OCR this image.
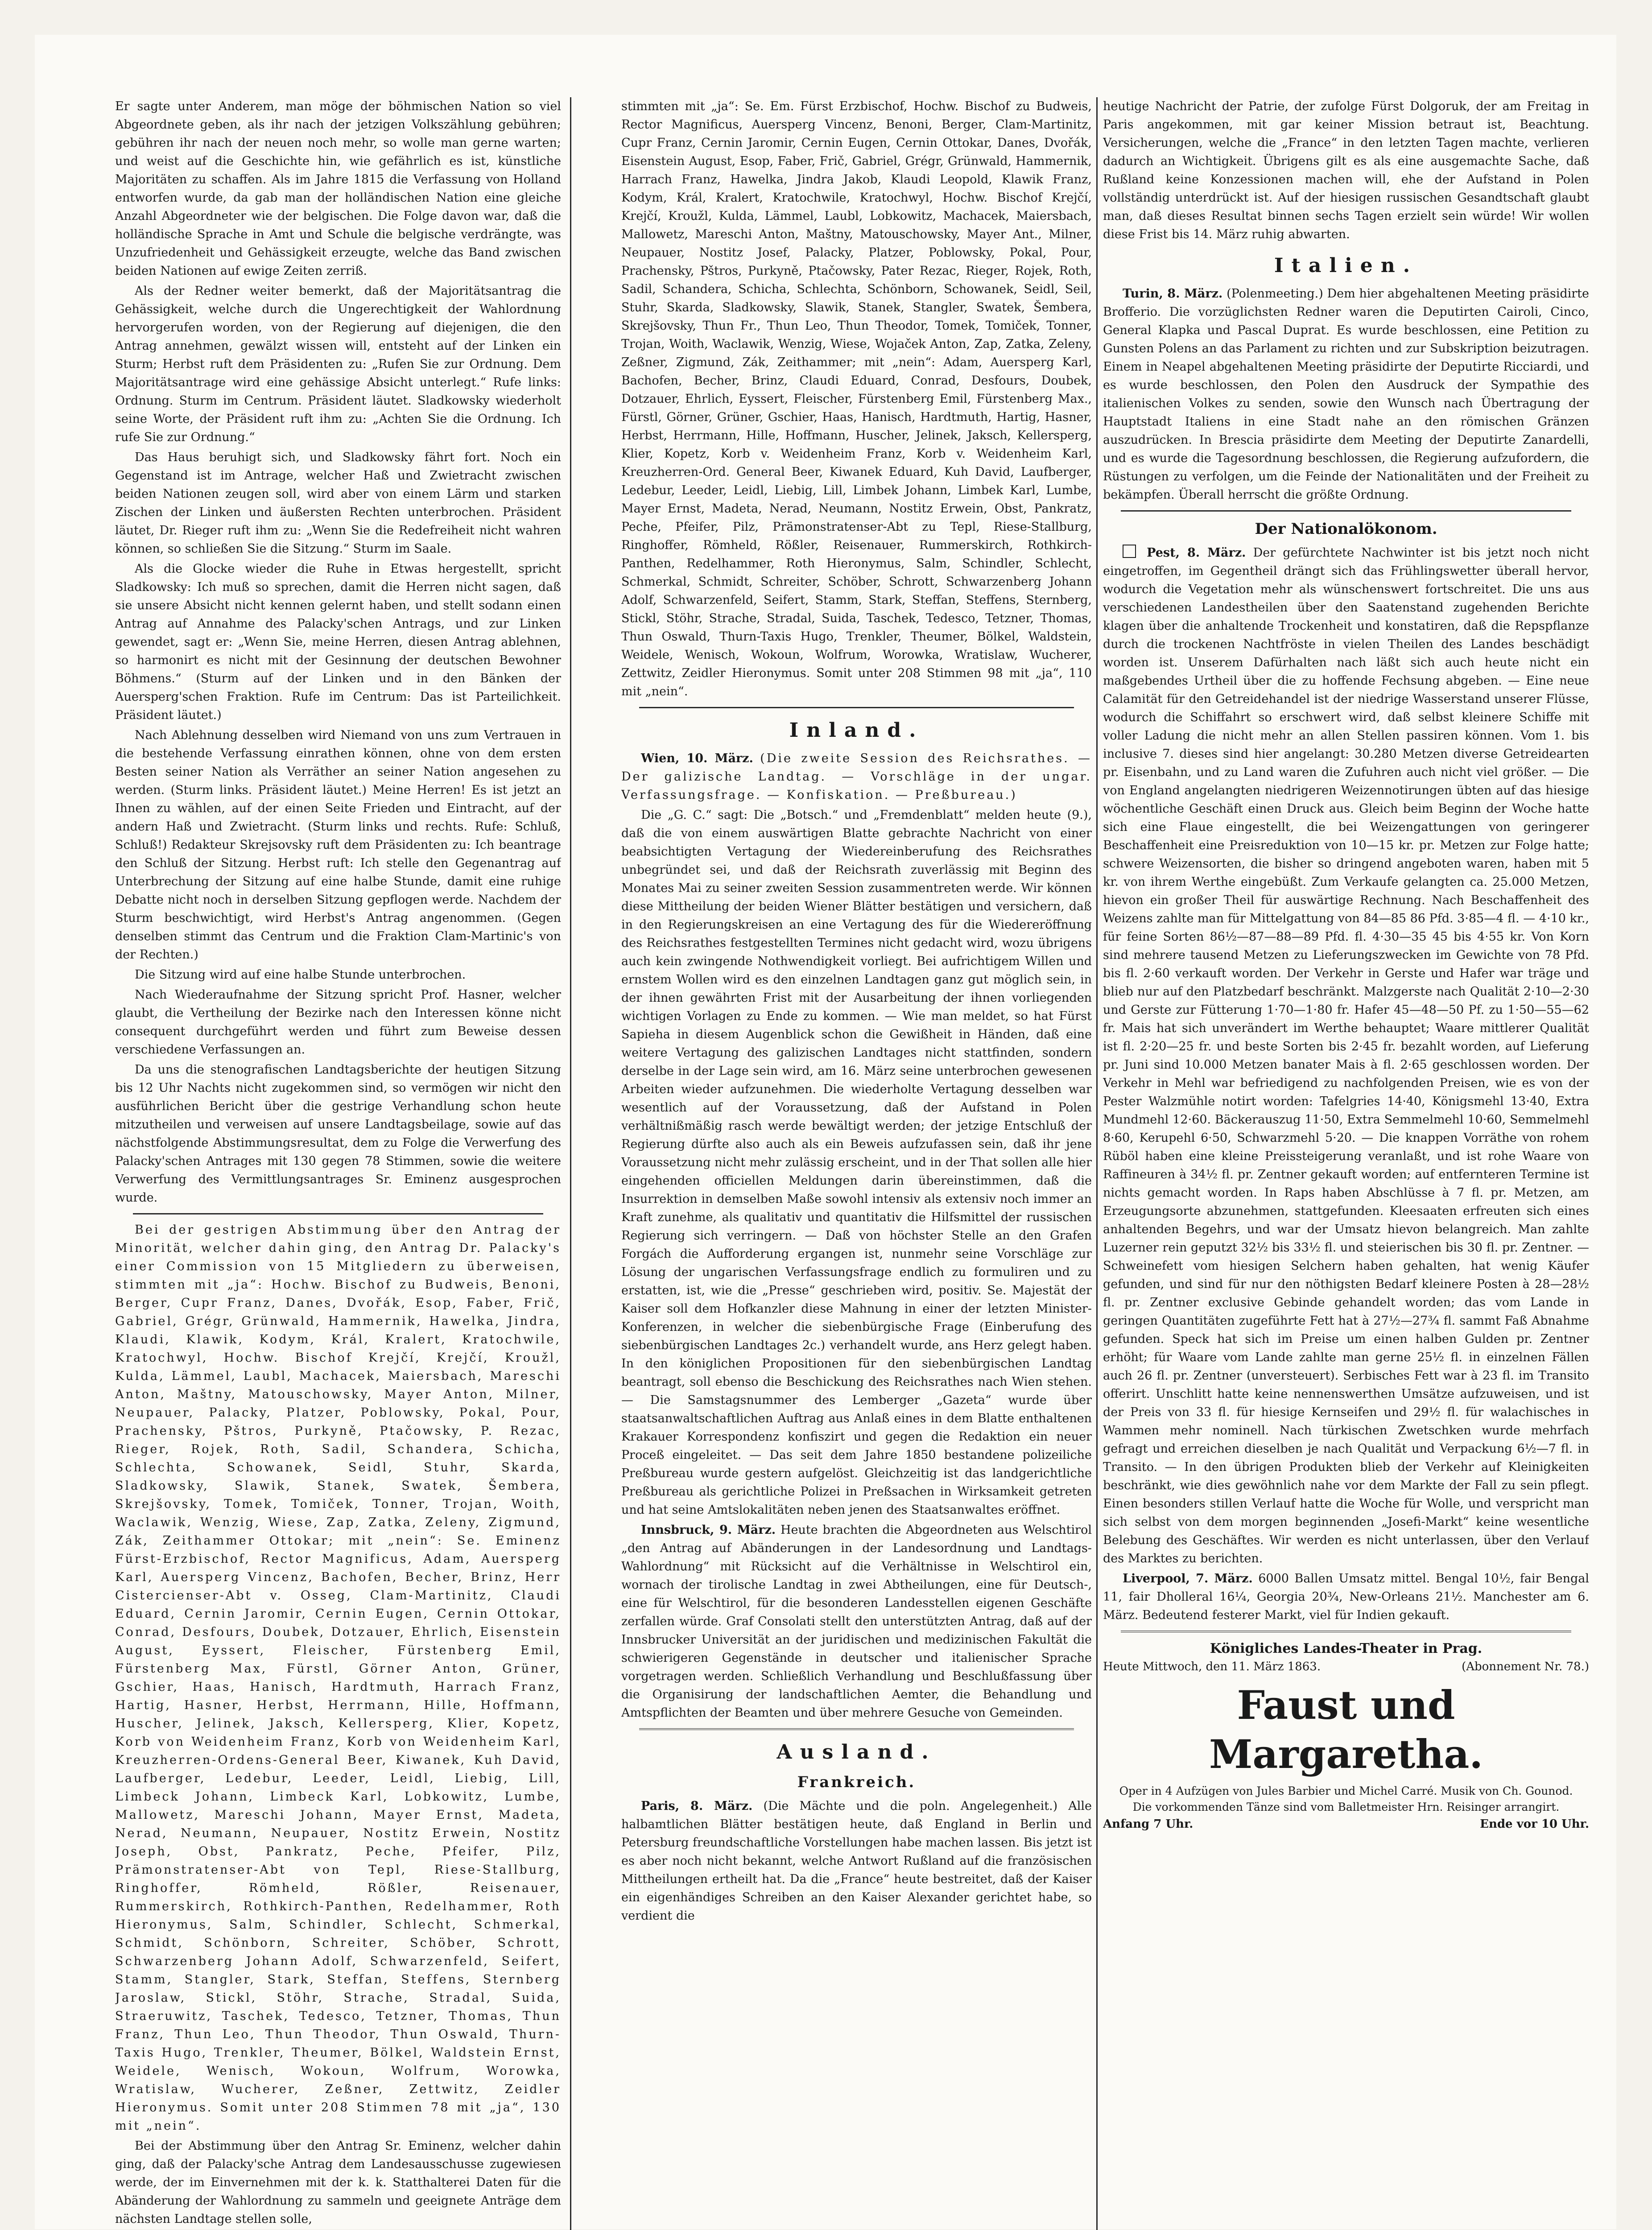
Er sagte unter Anderem, man möge der böhmischen Nation so viel Abgeordnete geben, als ihr nach der jetzigen Volkszählung gebühren; gebühren ihr nach der neuen noch mehr, so wolle man gerne warten; und weist auf die Geschichte hin, wie gefährlich es ist, künstliche Majoritäten zu schaffen. Als im Jahre 1815 die Verfassung von Holland entworfen wurde, da gab man der holländischen Nation eine gleiche Anzahl Abgeordneter wie der belgischen. Die Folge davon war, daß die holländische Sprache in Amt und Schule die belgische verdrängte, was Unzufriedenheit und Gehässigkeit erzeugte, welche das Band zwischen beiden Nationen auf ewige Zeiten zerriß.

Als der Redner weiter bemerkt, daß der Majoritätsantrag die Gehässigkeit, welche durch die Ungerechtigkeit der Wahlordnung hervorgerufen worden, von der Regierung auf diejenigen, die den Antrag annehmen, gewälzt wissen will, entsteht auf der Linken ein Sturm; Herbst ruft dem Präsidenten zu: „Rufen Sie zur Ordnung. Dem Majoritätsantrage wird eine gehässige Absicht unterlegt.“ Rufe links: Ordnung. Sturm im Centrum. Präsident läutet. Sladkowsky wiederholt seine Worte, der Präsident ruft ihm zu: „Achten Sie die Ordnung. Ich rufe Sie zur Ordnung.“

Das Haus beruhigt sich, und Sladkowsky fährt fort. Noch ein Gegenstand ist im Antrage, welcher Haß und Zwietracht zwischen beiden Nationen zeugen soll, wird aber von einem Lärm und starken Zischen der Linken und äußersten Rechten unterbrochen. Präsident läutet, Dr. Rieger ruft ihm zu: „Wenn Sie die Redefreiheit nicht wahren können, so schließen Sie die Sitzung.“ Sturm im Saale.

Als die Glocke wieder die Ruhe in Etwas hergestellt, spricht Sladkowsky: Ich muß so sprechen, damit die Herren nicht sagen, daß sie unsere Absicht nicht kennen gelernt haben, und stellt sodann einen Antrag auf Annahme des Palacky'schen Antrags, und zur Linken gewendet, sagt er: „Wenn Sie, meine Herren, diesen Antrag ablehnen, so harmonirt es nicht mit der Gesinnung der deutschen Bewohner Böhmens.“ (Sturm auf der Linken und in den Bänken der Auersperg'schen Fraktion. Rufe im Centrum: Das ist Parteilichkeit. Präsident läutet.)

Nach Ablehnung desselben wird Niemand von uns zum Vertrauen in die bestehende Verfassung einrathen können, ohne von dem ersten Besten seiner Nation als Verräther an seiner Nation angesehen zu werden. (Sturm links. Präsident läutet.) Meine Herren! Es ist jetzt an Ihnen zu wählen, auf der einen Seite Frieden und Eintracht, auf der andern Haß und Zwietracht. (Sturm links und rechts. Rufe: Schluß, Schluß!) Redakteur Skrejsovsky ruft dem Präsidenten zu: Ich beantrage den Schluß der Sitzung. Herbst ruft: Ich stelle den Gegenantrag auf Unterbrechung der Sitzung auf eine halbe Stunde, damit eine ruhige Debatte nicht noch in derselben Sitzung gepflogen werde. Nachdem der Sturm beschwichtigt, wird Herbst's Antrag angenommen. (Gegen denselben stimmt das Centrum und die Fraktion Clam-Martinic's von der Rechten.)

Die Sitzung wird auf eine halbe Stunde unterbrochen.

Nach Wiederaufnahme der Sitzung spricht Prof. Hasner, welcher glaubt, die Vertheilung der Bezirke nach den Interessen könne nicht consequent durchgeführt werden und führt zum Beweise dessen verschiedene Verfassungen an.

Da uns die stenografischen Landtagsberichte der heutigen Sitzung bis 12 Uhr Nachts nicht zugekommen sind, so vermögen wir nicht den ausführlichen Bericht über die gestrige Verhandlung schon heute mitzutheilen und verweisen auf unsere Landtagsbeilage, sowie auf das nächstfolgende Abstimmungsresultat, dem zu Folge die Verwerfung des Palacky'schen Antrages mit 130 gegen 78 Stimmen, sowie die weitere Verwerfung des Vermittlungsantrages Sr. Eminenz ausgesprochen wurde.

Bei der gestrigen Abstimmung über den Antrag der Minorität, welcher dahin ging, den Antrag Dr. Palacky's einer Commission von 15 Mitgliedern zu überweisen, stimmten mit „ja“: Hochw. Bischof zu Budweis, Benoni, Berger, Cupr Franz, Danes, Dvořák, Esop, Faber, Frič, Gabriel, Grégr, Grünwald, Hammernik, Hawelka, Jindra, Klaudi, Klawik, Kodym, Král, Kralert, Kratochwile, Kratochwyl, Hochw. Bischof Krejčí, Krejčí, Kroužl, Kulda, Lämmel, Laubl, Machacek, Maiersbach, Mareschi Anton, Maštny, Matouschowsky, Mayer Anton, Milner, Neupauer, Palacky, Platzer, Poblowsky, Pokal, Pour, Prachensky, Pštros, Purkyně, Ptačowsky, P. Rezac, Rieger, Rojek, Roth, Sadil, Schandera, Schicha, Schlechta, Schowanek, Seidl, Stuhr, Skarda, Sladkowsky, Slawik, Stanek, Swatek, Šembera, Skrejšovsky, Tomek, Tomiček, Tonner, Trojan, Woith, Waclawik, Wenzig, Wiese, Zap, Zatka, Zeleny, Zigmund, Zák, Zeithammer Ottokar; mit „nein“: Se. Eminenz Fürst-Erzbischof, Rector Magnificus, Adam, Auersperg Karl, Auersperg Vincenz, Bachofen, Becher, Brinz, Herr Cistercienser-Abt v. Osseg, Clam-Martinitz, Claudi Eduard, Cernin Jaromir, Cernin Eugen, Cernin Ottokar, Conrad, Desfours, Doubek, Dotzauer, Ehrlich, Eisenstein August, Eyssert, Fleischer, Fürstenberg Emil, Fürstenberg Max, Fürstl, Görner Anton, Grüner, Gschier, Haas, Hanisch, Hardtmuth, Harrach Franz, Hartig, Hasner, Herbst, Herrmann, Hille, Hoffmann, Huscher, Jelinek, Jaksch, Kellersperg, Klier, Kopetz, Korb von Weidenheim Franz, Korb von Weidenheim Karl, Kreuzherren-Ordens-General Beer, Kiwanek, Kuh David, Laufberger, Ledebur, Leeder, Leidl, Liebig, Lill, Limbeck Johann, Limbeck Karl, Lobkowitz, Lumbe, Mallowetz, Mareschi Johann, Mayer Ernst, Madeta, Nerad, Neumann, Neupauer, Nostitz Erwein, Nostitz Joseph, Obst, Pankratz, Peche, Pfeifer, Pilz, Prämonstratenser-Abt von Tepl, Riese-Stallburg, Ringhoffer, Römheld, Rößler, Reisenauer, Rummerskirch, Rothkirch-Panthen, Redelhammer, Roth Hieronymus, Salm, Schindler, Schlecht, Schmerkal, Schmidt, Schönborn, Schreiter, Schöber, Schrott, Schwarzenberg Johann Adolf, Schwarzenfeld, Seifert, Stamm, Stangler, Stark, Steffan, Steffens, Sternberg Jaroslaw, Stickl, Stöhr, Strache, Stradal, Suida, Straeruwitz, Taschek, Tedesco, Tetzner, Thomas, Thun Franz, Thun Leo, Thun Theodor, Thun Oswald, Thurn-Taxis Hugo, Trenkler, Theumer, Bölkel, Waldstein Ernst, Weidele, Wenisch, Wokoun, Wolfrum, Worowka, Wratislaw, Wucherer, Zeßner, Zettwitz, Zeidler Hieronymus. Somit unter 208 Stimmen 78 mit „ja“, 130 mit „nein“.

Bei der Abstimmung über den Antrag Sr. Eminenz, welcher dahin ging, daß der Palacky'sche Antrag dem Landesausschusse zugewiesen werde, der im Einvernehmen mit der k. k. Statthalterei Daten für die Abänderung der Wahlordnung zu sammeln und geeignete Anträge dem nächsten Landtage stellen solle,

stimmten mit „ja“: Se. Em. Fürst Erzbischof, Hochw. Bischof zu Budweis, Rector Magnificus, Auersperg Vincenz, Benoni, Berger, Clam-Martinitz, Cupr Franz, Cernin Jaromir, Cernin Eugen, Cernin Ottokar, Danes, Dvořák, Eisenstein August, Esop, Faber, Frič, Gabriel, Grégr, Grünwald, Hammernik, Harrach Franz, Hawelka, Jindra Jakob, Klaudi Leopold, Klawik Franz, Kodym, Král, Kralert, Kratochwile, Kratochwyl, Hochw. Bischof Krejčí, Krejčí, Kroužl, Kulda, Lämmel, Laubl, Lobkowitz, Machacek, Maiersbach, Mallowetz, Mareschi Anton, Maštny, Matouschowsky, Mayer Ant., Milner, Neupauer, Nostitz Josef, Palacky, Platzer, Poblowsky, Pokal, Pour, Prachensky, Pštros, Purkyně, Ptačowsky, Pater Rezac, Rieger, Rojek, Roth, Sadil, Schandera, Schicha, Schlechta, Schönborn, Schowanek, Seidl, Seil, Stuhr, Skarda, Sladkowsky, Slawik, Stanek, Stangler, Swatek, Šembera, Skrejšovsky, Thun Fr., Thun Leo, Thun Theodor, Tomek, Tomiček, Tonner, Trojan, Woith, Waclawik, Wenzig, Wiese, Wojaček Anton, Zap, Zatka, Zeleny, Zeßner, Zigmund, Zák, Zeithammer; mit „nein“: Adam, Auersperg Karl, Bachofen, Becher, Brinz, Claudi Eduard, Conrad, Desfours, Doubek, Dotzauer, Ehrlich, Eyssert, Fleischer, Fürstenberg Emil, Fürstenberg Max., Fürstl, Görner, Grüner, Gschier, Haas, Hanisch, Hardtmuth, Hartig, Hasner, Herbst, Herrmann, Hille, Hoffmann, Huscher, Jelinek, Jaksch, Kellersperg, Klier, Kopetz, Korb v. Weidenheim Franz, Korb v. Weidenheim Karl, Kreuzherren-Ord. General Beer, Kiwanek Eduard, Kuh David, Laufberger, Ledebur, Leeder, Leidl, Liebig, Lill, Limbek Johann, Limbek Karl, Lumbe, Mayer Ernst, Madeta, Nerad, Neumann, Nostitz Erwein, Obst, Pankratz, Peche, Pfeifer, Pilz, Prämonstratenser-Abt zu Tepl, Riese-Stallburg, Ringhoffer, Römheld, Rößler, Reisenauer, Rummerskirch, Rothkirch-Panthen, Redelhammer, Roth Hieronymus, Salm, Schindler, Schlecht, Schmerkal, Schmidt, Schreiter, Schöber, Schrott, Schwarzenberg Johann Adolf, Schwarzenfeld, Seifert, Stamm, Stark, Steffan, Steffens, Sternberg, Stickl, Stöhr, Strache, Stradal, Suida, Taschek, Tedesco, Tetzner, Thomas, Thun Oswald, Thurn-Taxis Hugo, Trenkler, Theumer, Bölkel, Waldstein, Weidele, Wenisch, Wokoun, Wolfrum, Worowka, Wratislaw, Wucherer, Zettwitz, Zeidler Hieronymus. Somit unter 208 Stimmen 98 mit „ja“, 110 mit „nein“.

Inland.

Wien, 10. März. (Die zweite Session des Reichsrathes. — Der galizische Landtag. — Vorschläge in der ungar. Verfassungsfrage. — Konfiskation. — Preßbureau.)

Die „G. C.“ sagt: Die „Botsch.“ und „Fremdenblatt“ melden heute (9.), daß die von einem auswärtigen Blatte gebrachte Nachricht von einer beabsichtigten Vertagung der Wiedereinberufung des Reichsrathes unbegründet sei, und daß der Reichsrath zuverlässig mit Beginn des Monates Mai zu seiner zweiten Session zusammentreten werde. Wir können diese Mittheilung der beiden Wiener Blätter bestätigen und versichern, daß in den Regierungskreisen an eine Vertagung des für die Wiedereröffnung des Reichsrathes festgestellten Termines nicht gedacht wird, wozu übrigens auch kein zwingende Nothwendigkeit vorliegt. Bei aufrichtigem Willen und ernstem Wollen wird es den einzelnen Landtagen ganz gut möglich sein, in der ihnen gewährten Frist mit der Ausarbeitung der ihnen vorliegenden wichtigen Vorlagen zu Ende zu kommen. — Wie man meldet, so hat Fürst Sapieha in diesem Augenblick schon die Gewißheit in Händen, daß eine weitere Vertagung des galizischen Landtages nicht stattfinden, sondern derselbe in der Lage sein wird, am 16. März seine unterbrochen gewesenen Arbeiten wieder aufzunehmen. Die wiederholte Vertagung desselben war wesentlich auf der Voraussetzung, daß der Aufstand in Polen verhältnißmäßig rasch werde bewältigt werden; der jetzige Entschluß der Regierung dürfte also auch als ein Beweis aufzufassen sein, daß ihr jene Voraussetzung nicht mehr zulässig erscheint, und in der That sollen alle hier eingehenden officiellen Meldungen darin übereinstimmen, daß die Insurrektion in demselben Maße sowohl intensiv als extensiv noch immer an Kraft zunehme, als qualitativ und quantitativ die Hilfsmittel der russischen Regierung sich verringern. — Daß von höchster Stelle an den Grafen Forgách die Aufforderung ergangen ist, nunmehr seine Vorschläge zur Lösung der ungarischen Verfassungsfrage endlich zu formuliren und zu erstatten, ist, wie die „Presse“ geschrieben wird, positiv. Se. Majestät der Kaiser soll dem Hofkanzler diese Mahnung in einer der letzten Minister-Konferenzen, in welcher die siebenbürgische Frage (Einberufung des siebenbürgischen Landtages 2c.) verhandelt wurde, ans Herz gelegt haben. In den königlichen Propositionen für den siebenbürgischen Landtag beantragt, soll ebenso die Beschickung des Reichsrathes nach Wien stehen. — Die Samstagsnummer des Lemberger „Gazeta“ wurde über staatsanwaltschaftlichen Auftrag aus Anlaß eines in dem Blatte enthaltenen Krakauer Korrespondenz konfiszirt und gegen die Redaktion ein neuer Proceß eingeleitet. — Das seit dem Jahre 1850 bestandene polizeiliche Preßbureau wurde gestern aufgelöst. Gleichzeitig ist das landgerichtliche Preßbureau als gerichtliche Polizei in Preßsachen in Wirksamkeit getreten und hat seine Amtslokalitäten neben jenen des Staatsanwaltes eröffnet.

Innsbruck, 9. März. Heute brachten die Abgeordneten aus Welschtirol „den Antrag auf Abänderungen in der Landesordnung und Landtags-Wahlordnung“ mit Rücksicht auf die Verhältnisse in Welschtirol ein, wornach der tirolische Landtag in zwei Abtheilungen, eine für Deutsch-, eine für Welschtirol, für die besonderen Landesstellen eigenen Geschäfte zerfallen würde. Graf Consolati stellt den unterstützten Antrag, daß auf der Innsbrucker Universität an der juridischen und medizinischen Fakultät die schwierigeren Gegenstände in deutscher und italienischer Sprache vorgetragen werden. Schließlich Verhandlung und Beschlußfassung über die Organisirung der landschaftlichen Aemter, die Behandlung und Amtspflichten der Beamten und über mehrere Gesuche von Gemeinden.

Ausland.
Frankreich.

Paris, 8. März. (Die Mächte und die poln. Angelegenheit.) Alle halbamtlichen Blätter bestätigen heute, daß England in Berlin und Petersburg freundschaftliche Vorstellungen habe machen lassen. Bis jetzt ist es aber noch nicht bekannt, welche Antwort Rußland auf die französischen Mittheilungen ertheilt hat. Da die „France“ heute bestreitet, daß der Kaiser ein eigenhändiges Schreiben an den Kaiser Alexander gerichtet habe, so verdient die

heutige Nachricht der Patrie, der zufolge Fürst Dolgoruk, der am Freitag in Paris angekommen, mit gar keiner Mission betraut ist, Beachtung. Versicherungen, welche die „France“ in den letzten Tagen machte, verlieren dadurch an Wichtigkeit. Übrigens gilt es als eine ausgemachte Sache, daß Rußland keine Konzessionen machen will, ehe der Aufstand in Polen vollständig unterdrückt ist. Auf der hiesigen russischen Gesandtschaft glaubt man, daß dieses Resultat binnen sechs Tagen erzielt sein würde! Wir wollen diese Frist bis 14. März ruhig abwarten.

Italien.

Turin, 8. März. (Polenmeeting.) Dem hier abgehaltenen Meeting präsidirte Brofferio. Die vorzüglichsten Redner waren die Deputirten Cairoli, Cinco, General Klapka und Pascal Duprat. Es wurde beschlossen, eine Petition zu Gunsten Polens an das Parlament zu richten und zur Subskription beizutragen. Einem in Neapel abgehaltenen Meeting präsidirte der Deputirte Ricciardi, und es wurde beschlossen, den Polen den Ausdruck der Sympathie des italienischen Volkes zu senden, sowie den Wunsch nach Übertragung der Hauptstadt Italiens in eine Stadt nahe an den römischen Gränzen auszudrücken. In Brescia präsidirte dem Meeting der Deputirte Zanardelli, und es wurde die Tagesordnung beschlossen, die Regierung aufzufordern, die Rüstungen zu verfolgen, um die Feinde der Nationalitäten und der Freiheit zu bekämpfen. Überall herrscht die größte Ordnung.

Der Nationalökonom.

Pest, 8. März. Der gefürchtete Nachwinter ist bis jetzt noch nicht eingetroffen, im Gegentheil drängt sich das Frühlingswetter überall hervor, wodurch die Vegetation mehr als wünschenswert fortschreitet. Die uns aus verschiedenen Landestheilen über den Saatenstand zugehenden Berichte klagen über die anhaltende Trockenheit und konstatiren, daß die Repspflanze durch die trockenen Nachtfröste in vielen Theilen des Landes beschädigt worden ist. Unserem Dafürhalten nach läßt sich auch heute nicht ein maßgebendes Urtheil über die zu hoffende Fechsung abgeben. — Eine neue Calamität für den Getreidehandel ist der niedrige Wasserstand unserer Flüsse, wodurch die Schiffahrt so erschwert wird, daß selbst kleinere Schiffe mit voller Ladung die nicht mehr an allen Stellen passiren können. Vom 1. bis inclusive 7. dieses sind hier angelangt: 30.280 Metzen diverse Getreidearten pr. Eisenbahn, und zu Land waren die Zufuhren auch nicht viel größer. — Die von England angelangten niedrigeren Weizennotirungen übten auf das hiesige wöchentliche Geschäft einen Druck aus. Gleich beim Beginn der Woche hatte sich eine Flaue eingestellt, die bei Weizengattungen von geringerer Beschaffenheit eine Preisreduktion von 10—15 kr. pr. Metzen zur Folge hatte; schwere Weizensorten, die bisher so dringend angeboten waren, haben mit 5 kr. von ihrem Werthe eingebüßt. Zum Verkaufe gelangten ca. 25.000 Metzen, hievon ein großer Theil für auswärtige Rechnung. Nach Beschaffenheit des Weizens zahlte man für Mittelgattung von 84—85 86 Pfd. 3·85—4 fl. — 4·10 kr., für feine Sorten 86½—87—88—89 Pfd. fl. 4·30—35 45 bis 4·55 kr. Von Korn sind mehrere tausend Metzen zu Lieferungszwecken im Gewichte von 78 Pfd. bis fl. 2·60 verkauft worden. Der Verkehr in Gerste und Hafer war träge und blieb nur auf den Platzbedarf beschränkt. Malzgerste nach Qualität 2·10—2·30 und Gerste zur Fütterung 1·70—1·80 fr. Hafer 45—48—50 Pf. zu 1·50—55—62 fr. Mais hat sich unverändert im Werthe behauptet; Waare mittlerer Qualität ist fl. 2·20—25 fr. und beste Sorten bis 2·45 fr. bezahlt worden, auf Lieferung pr. Juni sind 10.000 Metzen banater Mais à fl. 2·65 geschlossen worden. Der Verkehr in Mehl war befriedigend zu nachfolgenden Preisen, wie es von der Pester Walzmühle notirt worden: Tafelgries 14·40, Königsmehl 13·40, Extra Mundmehl 12·60. Bäckerauszug 11·50, Extra Semmelmehl 10·60, Semmelmehl 8·60, Kerupehl 6·50, Schwarzmehl 5·20. — Die knappen Vorräthe von rohem Rüböl haben eine kleine Preissteigerung veranlaßt, und ist rohe Waare von Raffineuren à 34½ fl. pr. Zentner gekauft worden; auf entfernteren Termine ist nichts gemacht worden. In Raps haben Abschlüsse à 7 fl. pr. Metzen, am Erzeugungsorte abzunehmen, stattgefunden. Kleesaaten erfreuten sich eines anhaltenden Begehrs, und war der Umsatz hievon belangreich. Man zahlte Luzerner rein geputzt 32½ bis 33½ fl. und steierischen bis 30 fl. pr. Zentner. — Schweinefett vom hiesigen Selchern haben gehalten, hat wenig Käufer gefunden, und sind für nur den nöthigsten Bedarf kleinere Posten à 28—28½ fl. pr. Zentner exclusive Gebinde gehandelt worden; das vom Lande in geringen Quantitäten zugeführte Fett hat à 27½—27¾ fl. sammt Faß Abnahme gefunden. Speck hat sich im Preise um einen halben Gulden pr. Zentner erhöht; für Waare vom Lande zahlte man gerne 25½ fl. in einzelnen Fällen auch 26 fl. pr. Zentner (unversteuert). Serbisches Fett war à 23 fl. im Transito offerirt. Unschlitt hatte keine nennenswerthen Umsätze aufzuweisen, und ist der Preis von 33 fl. für hiesige Kernseifen und 29½ fl. für walachisches in Wammen mehr nominell. Nach türkischen Zwetschken wurde mehrfach gefragt und erreichen dieselben je nach Qualität und Verpackung 6½—7 fl. in Transito. — In den übrigen Produkten blieb der Verkehr auf Kleinigkeiten beschränkt, wie dies gewöhnlich nahe vor dem Markte der Fall zu sein pflegt. Einen besonders stillen Verlauf hatte die Woche für Wolle, und verspricht man sich selbst von dem morgen beginnenden „Josefi-Markt“ keine wesentliche Belebung des Geschäftes. Wir werden es nicht unterlassen, über den Verlauf des Marktes zu berichten.

Liverpool, 7. März. 6000 Ballen Umsatz mittel. Bengal 10½, fair Bengal 11, fair Dholleral 16¼, Georgia 20¾, New-Orleans 21½. Manchester am 6. März. Bedeutend festerer Markt, viel für Indien gekauft.

Königliches Landes-Theater in Prag.
Heute Mittwoch, den 11. März 1863.	(Abonnement Nr. 78.)
Faust und Margaretha.
Oper in 4 Aufzügen von Jules Barbier und Michel Carré. Musik von Ch. Gounod.
Die vorkommenden Tänze sind vom Balletmeister Hrn. Reisinger arrangirt.
Anfang 7 Uhr.	Ende vor 10 Uhr.
